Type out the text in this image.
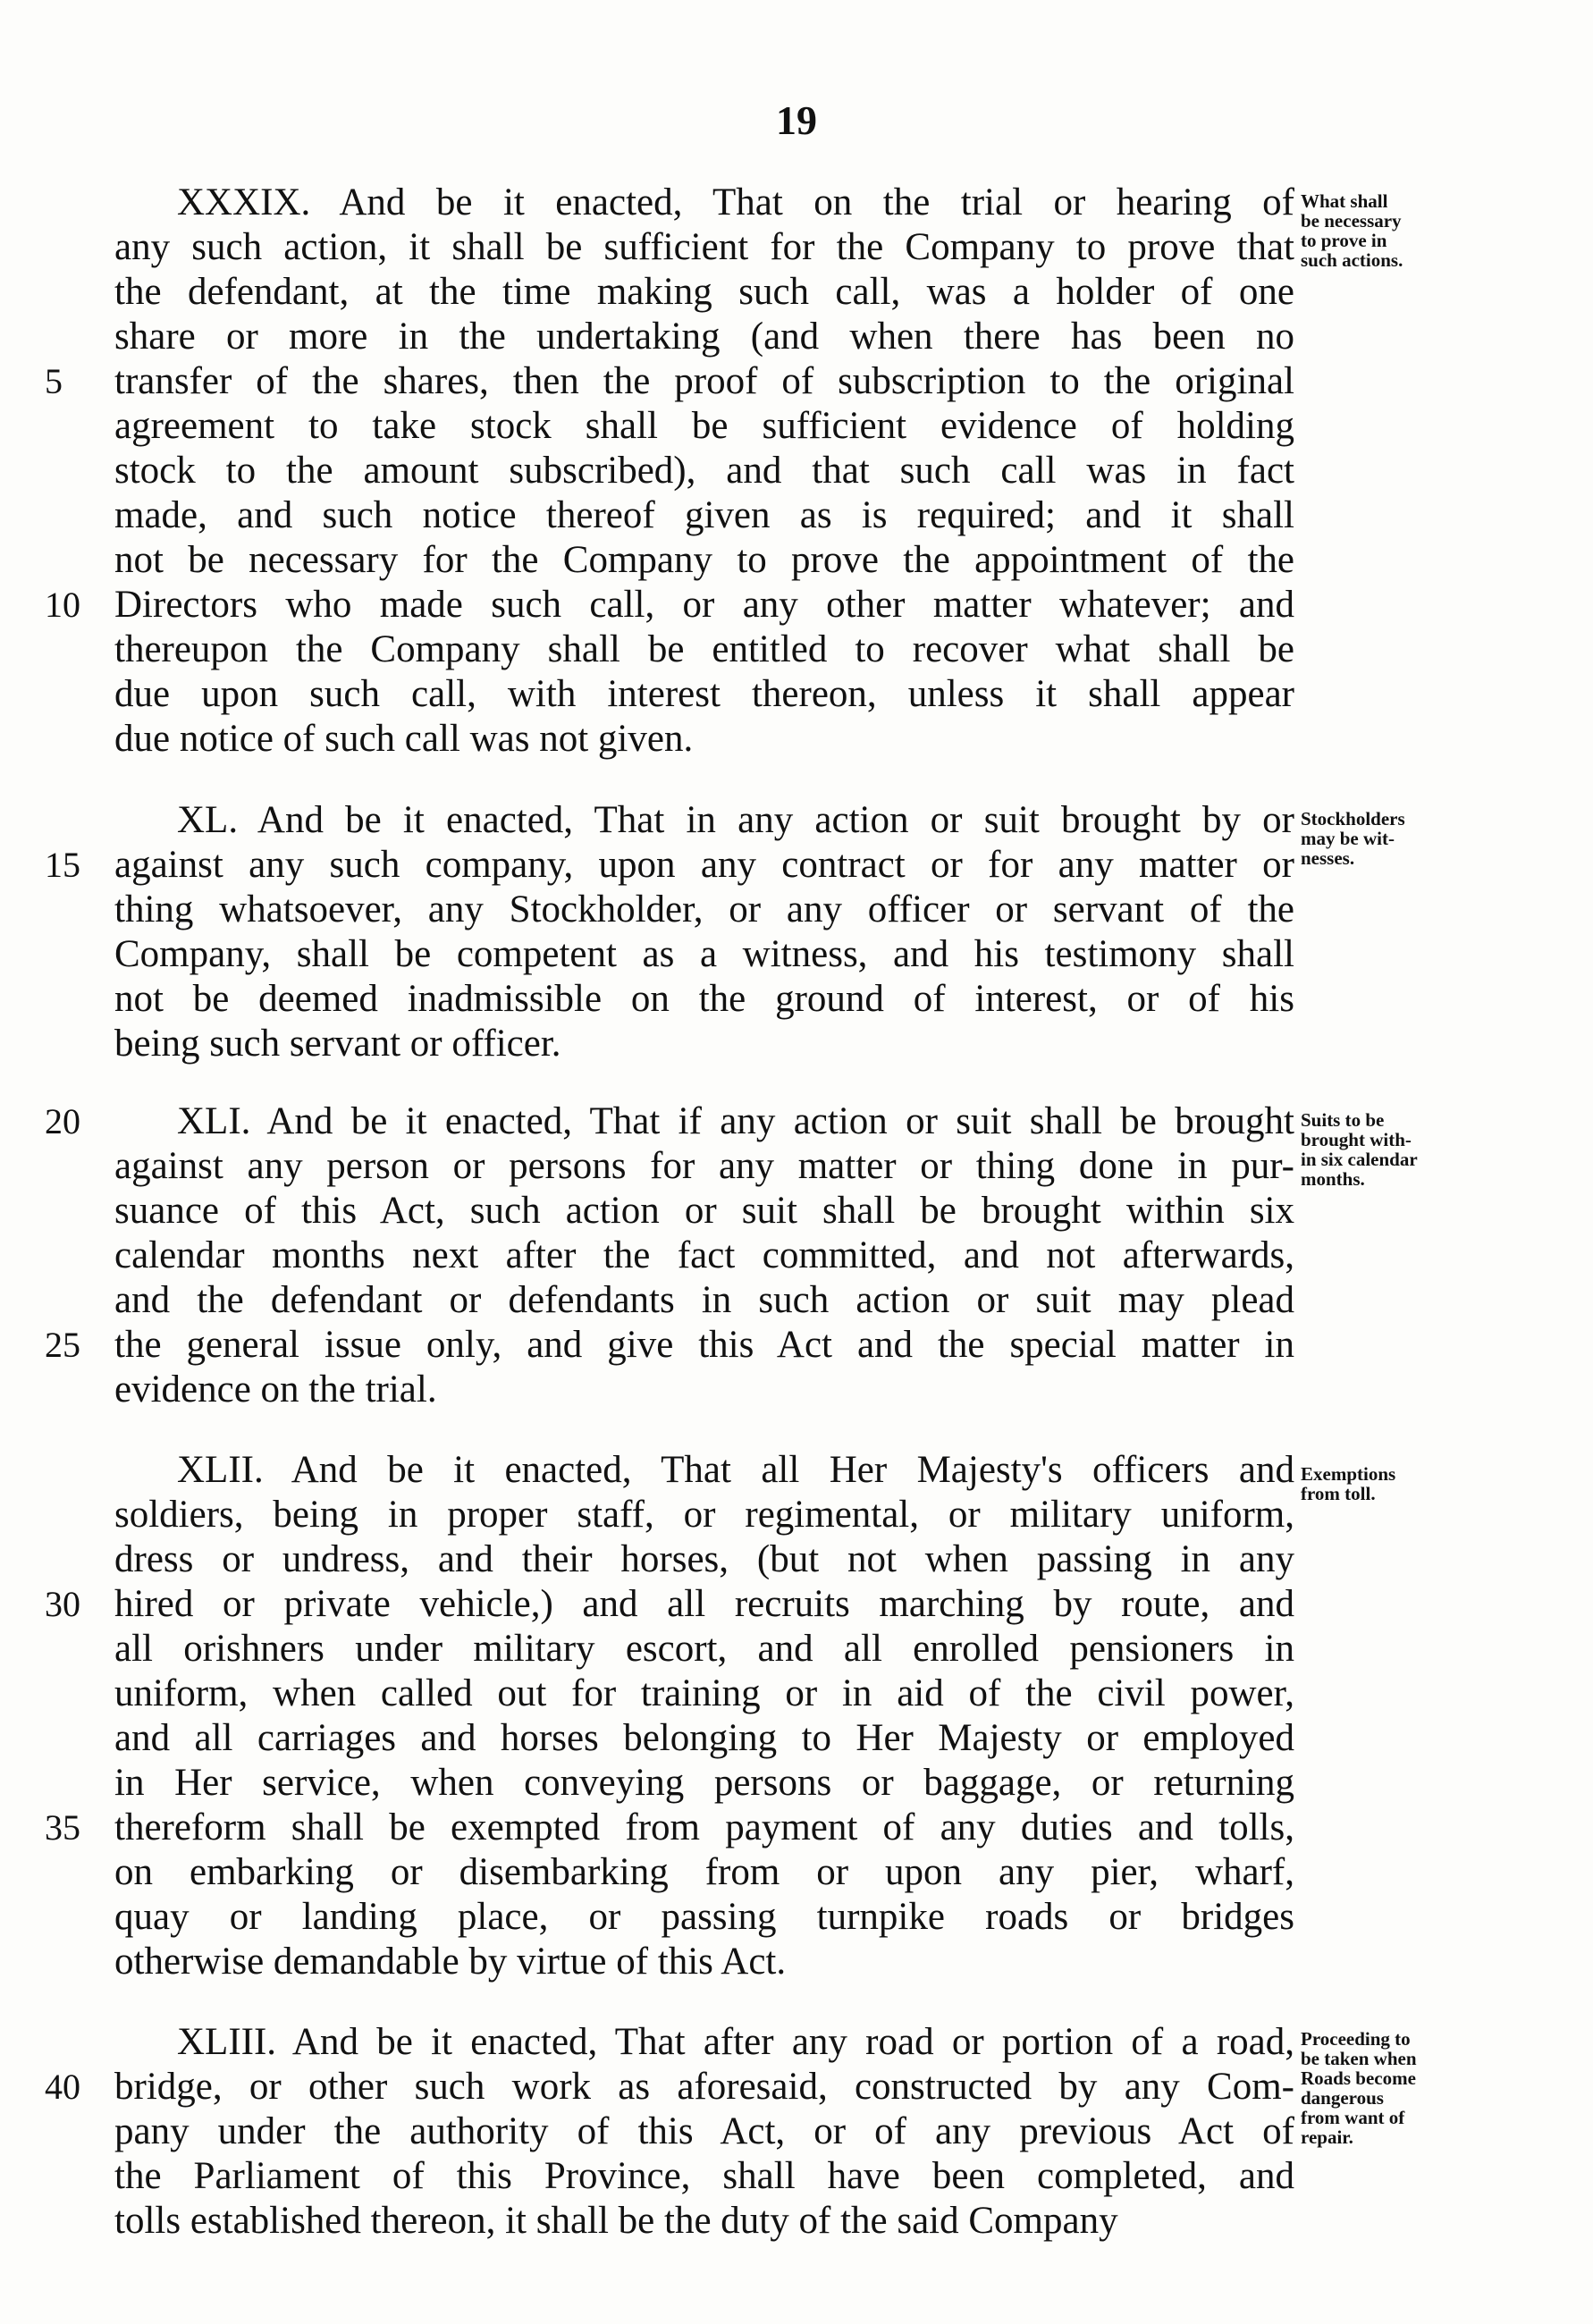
19
XXXIX. And be it enacted, That on the trial or hearing of
any such action, it shall be sufficient for the Company to prove that
the defendant, at the time making such call, was a holder of one
share or more in the undertaking (and when there has been no
5	transfer of the shares, then the proof of subscription to the original
agreement to take stock shall be sufficient evidence of holding
stock to the amount subscribed), and that such call was in fact
made, and such notice thereof given as is required; and it shall
not be necessary for the Company to prove the appointment of the
10 Directors who made such call, or any other matter whatever; and
thereupon the Company shall be entitled to recover what shall be
due upon such call, with interest thereon, unless it shall appear
due notice of such call was not given.
What shall
be necessary
to prove in
such actions.
XL. And be it enacted, That in any action or suit brought by or
15 against any such company, upon any contract or for any matter or
thing whatsoever, any Stockholder, or any officer or servant of the
Company, shall be competent as a witness, and his testimony shall
not be deemed inadmissible on the ground of interest, or of his
being such servant or officer.
Stockholders
may be wit-
nesses.
20	XLI. And be it enacted, That if any action or suit shall be brought
against any person or persons for any matter or thing done in pur-
suance of this Act, such action or suit shall be brought within six
calendar months next after the fact committed, and not afterwards,
and the defendant or defendants in such action or suit may plead
25 the general issue only, and give this Act and the special matter in
evidence on the trial.
Suits to be
brought with-
in six calendar
months.
XLII. And be it enacted, That all Her Majesty's officers and
soldiers, being in proper staff, or regimental, or military uniform,
dress or undress, and their horses, (but not when passing in any
30 hired or private vehicle,) and all recruits marching by route, and
all orishners under military escort, and all enrolled pensioners in
uniform, when called out for training or in aid of the civil power,
and all carriages and horses belonging to Her Majesty or employed
in Her service, when conveying persons or baggage, or returning
35 thereform shall be exempted from payment of any duties and tolls,
on embarking or disembarking from or upon any pier, wharf,
quay or landing place, or passing turnpike roads or bridges
otherwise demandable by virtue of this Act.
Exemptions
from toll.
XLIII. And be it enacted, That after any road or portion of a road,
40 bridge, or other such work as aforesaid, constructed by any Com-
pany under the authority of this Act, or of any previous Act of
the Parliament of this Province, shall have been completed, and
tolls established thereon, it shall be the duty of the said Company
Proceeding to
be taken when
Roads become
dangerous
from want of
repair.
